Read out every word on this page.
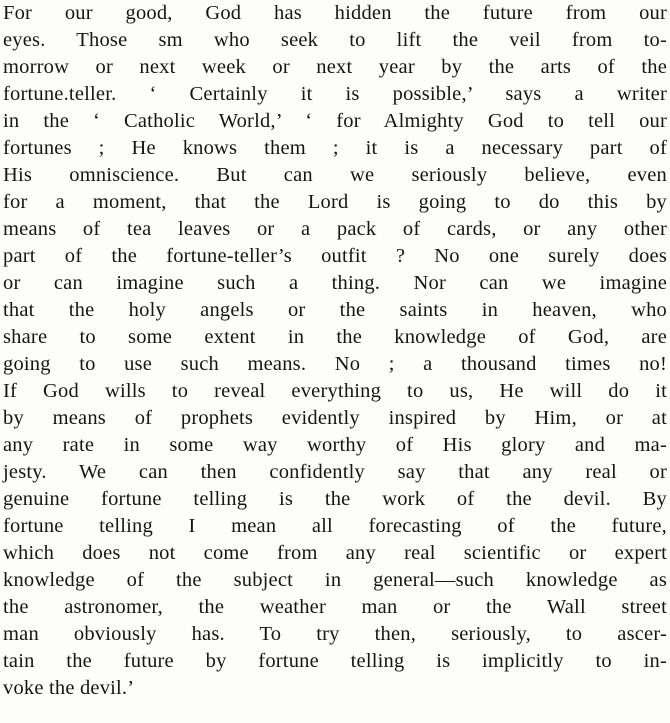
For our good, God has hidden the future from our
eyes. Those sm who seek to lift the veil from to-
morrow or next week or next year by the arts of the
fortune.teller. ‘ Certainly it is possible,’ says a writer
in the ‘ Catholic World,’ ‘ for Almighty God to tell our
fortunes ; He knows them ; it is a necessary part of
His omniscience. But can we seriously believe, even
for a moment, that the Lord is going to do this by
means of tea leaves or a pack of cards, or any other
part of the fortune-teller’s outfit ? No one surely does
or can imagine such a thing. Nor can we imagine
that the holy angels or the saints in heaven, who
share to some extent in the knowledge of God, are
going to use such means. No ; a thousand times no!
If God wills to reveal everything to us, He will do it
by means of prophets evidently inspired by Him, or at
any rate in some way worthy of His glory and ma-
jesty. We can then confidently say that any real or
genuine fortune telling is the work of the devil. By
fortune telling I mean all forecasting of the future,
which does not come from any real scientific or expert
knowledge of the subject in general—such knowledge as
the astronomer, the weather man or the Wall street
man obviously has. To try then, seriously, to ascer-
tain the future by fortune telling is implicitly to in-
voke the devil.’
